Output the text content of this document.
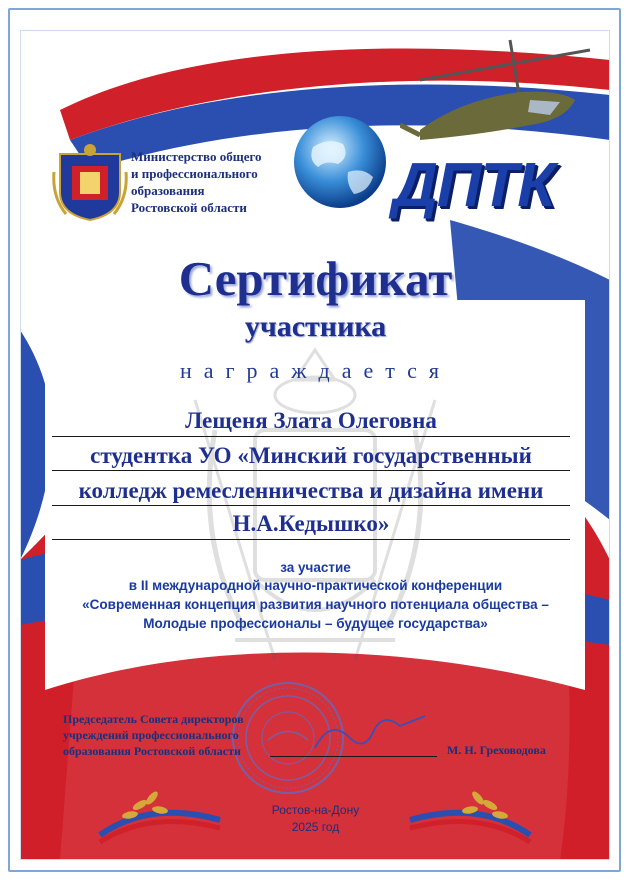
Министерство общего
и профессионального
образования
Ростовской области	ДПТК
Сертификат
участника
награждается
Лещеня Злата Олеговна
студентка УО «Минский государственный
колледж ремесленничества и дизайна имени
Н.А.Кедышко»
за участие
в II международной научно-практической конференции
«Современная концепция развития научного потенциала общества –
Молодые профессионалы – будущее государства»
Председатель Совета директоров
учреждений профессионального
образования Ростовской области	М. Н. Греховодова
Ростов-на-Дону
2025 год
